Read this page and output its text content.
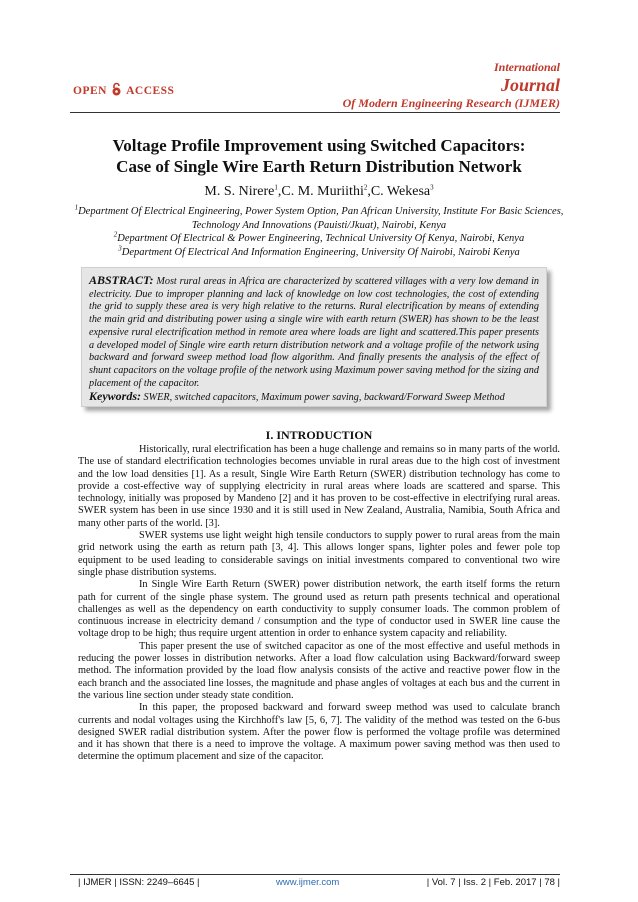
OPEN ACCESS
International
Journal
Of Modern Engineering Research (IJMER)
Voltage Profile Improvement using Switched Capacitors:
Case of Single Wire Earth Return Distribution Network
M. S. Nirere$^1$,C. M. Muriithi$^2$,C. Wekesa$^3$
$^1$Department Of Electrical Engineering, Power System Option, Pan African University, Institute For Basic Sciences, Technology And Innovations (Pauisti/Jkuat), Nairobi, Kenya
$^2$Department Of Electrical & Power Engineering, Technical University Of Kenya, Nairobi, Kenya
$^3$Department Of Electrical And Information Engineering, University Of Nairobi, Nairobi Kenya
ABSTRACT: Most rural areas in Africa are characterized by scattered villages with a very low demand in electricity. Due to improper planning and lack of knowledge on low cost technologies, the cost of extending the grid to supply these area is very high relative to the returns. Rural electrification by means of extending the main grid and distributing power using a single wire with earth return (SWER) has shown to be the least expensive rural electrification method in remote area where loads are light and scattered.This paper presents a developed model of Single wire earth return distribution network and a voltage profile of the network using backward and forward sweep method load flow algorithm. And finally presents the analysis of the effect of shunt capacitors on the voltage profile of the network using Maximum power saving method for the sizing and placement of the capacitor.
Keywords: SWER, switched capacitors, Maximum power saving, backward/Forward Sweep Method
I. INTRODUCTION

Historically, rural electrification has been a huge challenge and remains so in many parts of the world. The use of standard electrification technologies becomes unviable in rural areas due to the high cost of investment and the low load densities [1]. As a result, Single Wire Earth Return (SWER) distribution technology has come to provide a cost-effective way of supplying electricity in rural areas where loads are scattered and sparse. This technology, initially was proposed by Mandeno [2] and it has proven to be cost-effective in electrifying rural areas. SWER system has been in use since 1930 and it is still used in New Zealand, Australia, Namibia, South Africa and many other parts of the world. [3].

SWER systems use light weight high tensile conductors to supply power to rural areas from the main grid network using the earth as return path [3, 4]. This allows longer spans, lighter poles and fewer pole top equipment to be used leading to considerable savings on initial investments compared to conventional two wire single phase distribution systems.

In Single Wire Earth Return (SWER) power distribution network, the earth itself forms the return path for current of the single phase system. The ground used as return path presents technical and operational challenges as well as the dependency on earth conductivity to supply consumer loads. The common problem of continuous increase in electricity demand / consumption and the type of conductor used in SWER line cause the voltage drop to be high; thus require urgent attention in order to enhance system capacity and reliability.

This paper present the use of switched capacitor as one of the most effective and useful methods in reducing the power losses in distribution networks. After a load flow calculation using Backward/forward sweep method. The information provided by the load flow analysis consists of the active and reactive power flow in the each branch and the associated line losses, the magnitude and phase angles of voltages at each bus and the current in the various line section under steady state condition.

In this paper, the proposed backward and forward sweep method was used to calculate branch currents and nodal voltages using the Kirchhoff's law [5, 6, 7]. The validity of the method was tested on the 6-bus designed SWER radial distribution system. After the power flow is performed the voltage profile was determined and it has shown that there is a need to improve the voltage. A maximum power saving method was then used to determine the optimum placement and size of the capacitor.

| IJMER | ISSN: 2249–6645 |	www.ijmer.com	| Vol. 7 | Iss. 2 | Feb. 2017 | 78 |
